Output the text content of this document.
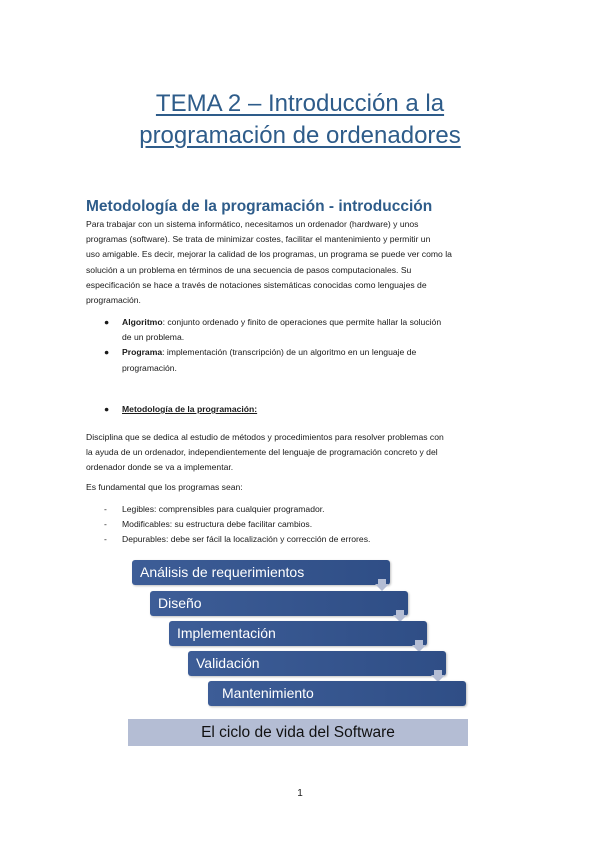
TEMA 2 – Introducción a la
programación de ordenadores
Metodología de la programación - introducción
Para trabajar con un sistema informático, necesitamos un ordenador (hardware) y unos
programas (software). Se trata de minimizar costes, facilitar el mantenimiento y permitir un
uso amigable. Es decir, mejorar la calidad de los programas, un programa se puede ver como la
solución a un problema en términos de una secuencia de pasos computacionales. Su
especificación se hace a través de notaciones sistemáticas conocidas como lenguajes de
programación.
● Algoritmo: conjunto ordenado y finito de operaciones que permite hallar la solución
de un problema.
● Programa: implementación (transcripción) de un algoritmo en un lenguaje de
programación.
● Metodología de la programación:
Disciplina que se dedica al estudio de métodos y procedimientos para resolver problemas con
la ayuda de un ordenador, independientemente del lenguaje de programación concreto y del
ordenador donde se va a implementar.
Es fundamental que los programas sean:
- Legibles: comprensibles para cualquier programador.
- Modificables: su estructura debe facilitar cambios.
- Depurables: debe ser fácil la localización y corrección de errores.
Análisis de requerimientos
Diseño
Implementación
Validación
Mantenimiento
El ciclo de vida del Software
1
